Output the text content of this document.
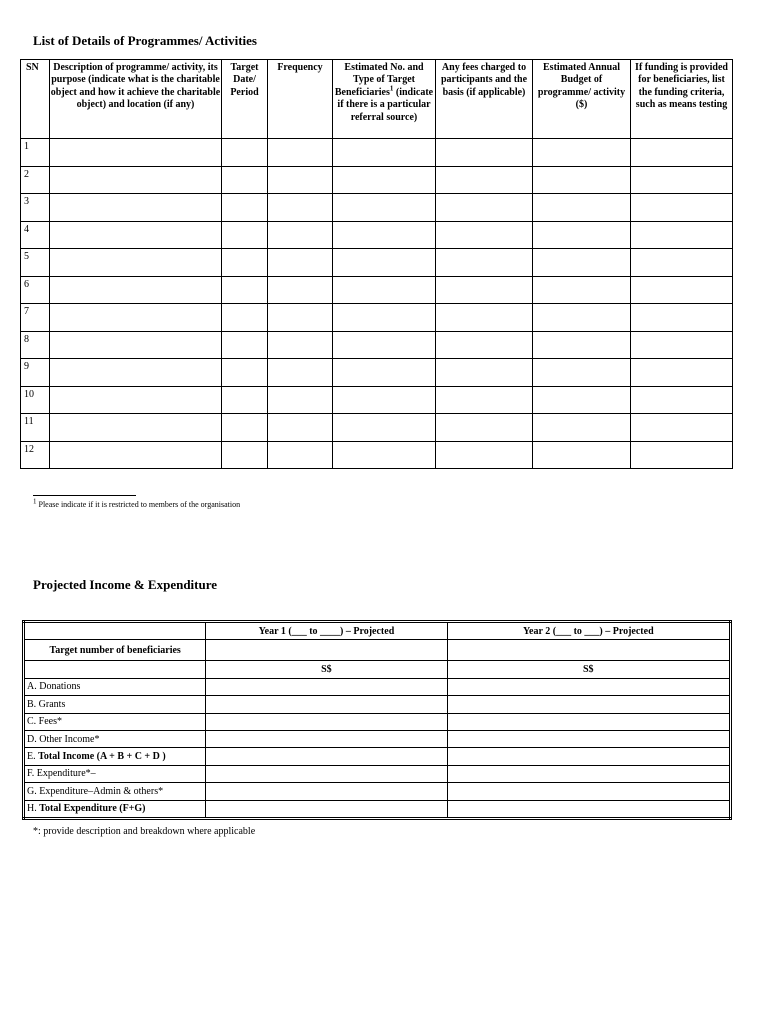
List of Details of Programmes/ Activities
SN	Description of programme/ activity, its purpose (indicate what is the charitable object and how it achieve the charitable object) and location (if any)	Target Date/ Period	Frequency	Estimated No. and Type of Target Beneficiaries$^1$ (indicate if there is a particular referral source)	Any fees charged to participants and the basis (if applicable)	Estimated Annual Budget of programme/ activity ($)	If funding is provided for beneficiaries, list the funding criteria, such as means testing
1							
2							
3							
4							
5							
6							
7							
8							
9							
10							
11							
12							
$^1$ Please indicate if it is restricted to members of the organisation
Projected Income & Expenditure
	Year 1 (___ to ____) – Projected	Year 2 (___ to ___) – Projected
Target number of beneficiaries		
	S$	S$
A. Donations		
B. Grants		
C. Fees*		
D. Other Income*		
E. Total Income (A + B + C + D )		
F. Expenditure*–		
G. Expenditure–Admin & others*		
H. Total Expenditure (F+G)		
*: provide description and breakdown where applicable
